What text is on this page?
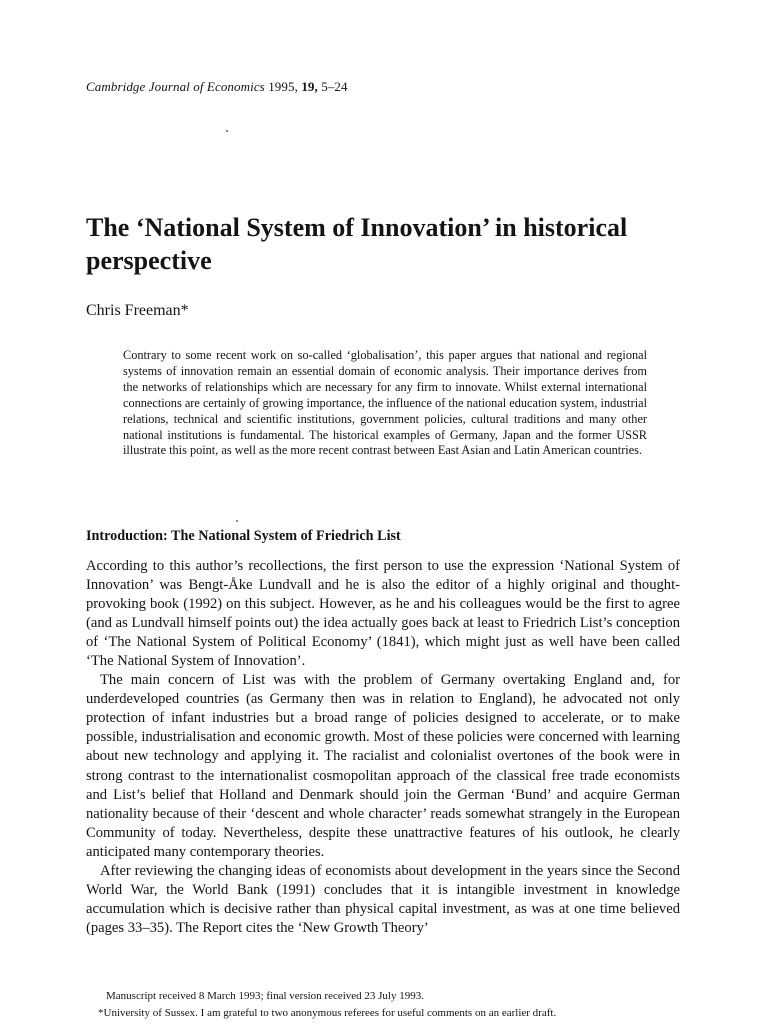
Cambridge Journal of Economics 1995, 19, 5–24
The ‘National System of Innovation’ in historical perspective
Chris Freeman*

Contrary to some recent work on so-called ‘globalisation’, this paper argues that national and regional systems of innovation remain an essential domain of economic analysis. Their importance derives from the networks of relationships which are necessary for any firm to innovate. Whilst external international connections are certainly of growing importance, the influence of the national education system, industrial relations, technical and scientific institutions, government policies, cultural traditions and many other national institutions is fundamental. The historical examples of Germany, Japan and the former USSR illustrate this point, as well as the more recent contrast between East Asian and Latin American countries.

Introduction: The National System of Friedrich List

According to this author’s recollections, the first person to use the expression ‘National System of Innovation’ was Bengt-Åke Lundvall and he is also the editor of a highly original and thought-provoking book (1992) on this subject. However, as he and his colleagues would be the first to agree (and as Lundvall himself points out) the idea actually goes back at least to Friedrich List’s conception of ‘The National System of Political Economy’ (1841), which might just as well have been called ‘The National System of Innovation’.

The main concern of List was with the problem of Germany overtaking England and, for underdeveloped countries (as Germany then was in relation to England), he advocated not only protection of infant industries but a broad range of policies designed to accelerate, or to make possible, industrialisation and economic growth. Most of these policies were concerned with learning about new technology and applying it. The racialist and colonialist overtones of the book were in strong contrast to the internationalist cosmopolitan approach of the classical free trade economists and List’s belief that Holland and Denmark should join the German ‘Bund’ and acquire German nationality because of their ‘descent and whole character’ reads somewhat strangely in the European Community of today. Nevertheless, despite these unattractive features of his outlook, he clearly anticipated many contemporary theories.

After reviewing the changing ideas of economists about development in the years since the Second World War, the World Bank (1991) concludes that it is intangible investment in knowledge accumulation which is decisive rather than physical capital investment, as was at one time believed (pages 33–35). The Report cites the ‘New Growth Theory’

Manuscript received 8 March 1993; final version received 23 July 1993.

*University of Sussex. I am grateful to two anonymous referees for useful comments on an earlier draft.
